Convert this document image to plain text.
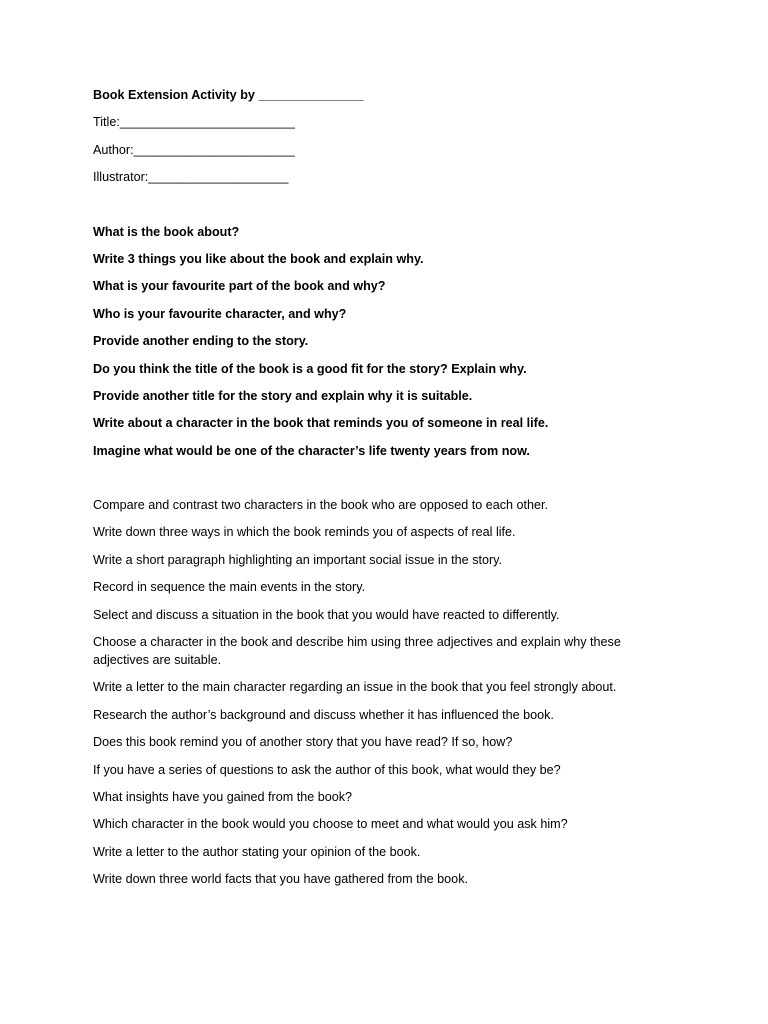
Book Extension Activity by _______________
Title:_________________________
Author:_______________________
Illustrator:____________________
What is the book about?
Write 3 things you like about the book and explain why.
What is your favourite part of the book and why?
Who is your favourite character, and why?
Provide another ending to the story.
Do you think the title of the book is a good fit for the story? Explain why.
Provide another title for the story and explain why it is suitable.
Write about a character in the book that reminds you of someone in real life.
Imagine what would be one of the character’s life twenty years from now.
Compare and contrast two characters in the book who are opposed to each other.
Write down three ways in which the book reminds you of aspects of real life.
Write a short paragraph highlighting an important social issue in the story.
Record in sequence the main events in the story.
Select and discuss a situation in the book that you would have reacted to differently.
Choose a character in the book and describe him using three adjectives and explain why these adjectives are suitable.
Write a letter to the main character regarding an issue in the book that you feel strongly about.
Research the author’s background and discuss whether it has influenced the book.
Does this book remind you of another story that you have read? If so, how?
If you have a series of questions to ask the author of this book, what would they be?
What insights have you gained from the book?
Which character in the book would you choose to meet and what would you ask him?
Write a letter to the author stating your opinion of the book.
Write down three world facts that you have gathered from the book.
